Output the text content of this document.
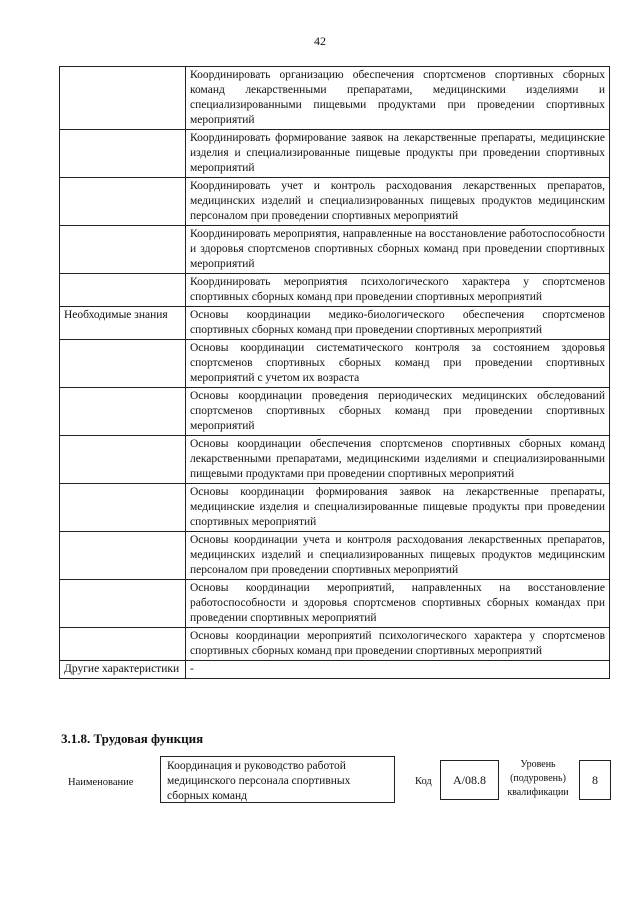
42
	Координировать организацию обеспечения спортсменов спортивных сборных команд лекарственными препаратами, медицинскими изделиями и специализированными пищевыми продуктами при проведении спортивных мероприятий
	Координировать формирование заявок на лекарственные препараты, медицинские изделия и специализированные пищевые продукты при проведении спортивных мероприятий
	Координировать учет и контроль расходования лекарственных препаратов, медицинских изделий и специализированных пищевых продуктов медицинским персоналом при проведении спортивных мероприятий
	Координировать мероприятия, направленные на восстановление работоспособности и здоровья спортсменов спортивных сборных команд при проведении спортивных мероприятий
	Координировать мероприятия психологического характера у спортсменов спортивных сборных команд при проведении спортивных мероприятий
Необходимые знания	Основы координации медико-биологического обеспечения спортсменов спортивных сборных команд при проведении спортивных мероприятий
	Основы координации систематического контроля за состоянием здоровья спортсменов спортивных сборных команд при проведении спортивных мероприятий с учетом их возраста
	Основы координации проведения периодических медицинских обследований спортсменов спортивных сборных команд при проведении спортивных мероприятий
	Основы координации обеспечения спортсменов спортивных сборных команд лекарственными препаратами, медицинскими изделиями и специализированными пищевыми продуктами при проведении спортивных мероприятий
	Основы координации формирования заявок на лекарственные препараты, медицинские изделия и специализированные пищевые продукты при проведении спортивных мероприятий
	Основы координации учета и контроля расходования лекарственных препаратов, медицинских изделий и специализированных пищевых продуктов медицинским персоналом при проведении спортивных мероприятий
	Основы координации мероприятий, направленных на восстановление работоспособности и здоровья спортсменов спортивных сборных командах при проведении спортивных мероприятий
	Основы координации мероприятий психологического характера у спортсменов спортивных сборных команд при проведении спортивных мероприятий
Другие характеристики	-
3.1.8. Трудовая функция
Наименование
Координация и руководство работой медицинского персонала спортивных сборных команд
Код	A/08.8
Уровень (подуровень) квалификации
8
